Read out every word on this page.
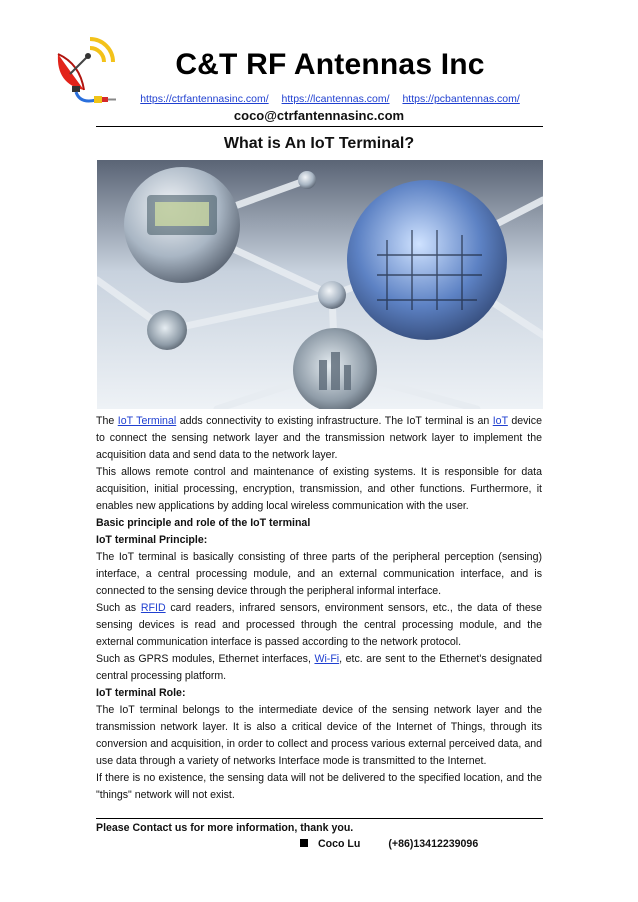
C&T RF Antennas Inc
https://ctrfantennasinc.com/ https://lcantennas.com/ https://pcbantennas.com/
coco@ctrfantennasinc.com
What is An IoT Terminal?

The IoT Terminal adds connectivity to existing infrastructure. The IoT terminal is an IoT device to connect the sensing network layer and the transmission network layer to implement the acquisition data and send data to the network layer.

This allows remote control and maintenance of existing systems. It is responsible for data acquisition, initial processing, encryption, transmission, and other functions. Furthermore, it enables new applications by adding local wireless communication with the user.

Basic principle and role of the IoT terminal

IoT terminal Principle:

The IoT terminal is basically consisting of three parts of the peripheral perception (sensing) interface, a central processing module, and an external communication interface, and is connected to the sensing device through the peripheral informal interface.

Such as RFID card readers, infrared sensors, environment sensors, etc., the data of these sensing devices is read and processed through the central processing module, and the external communication interface is passed according to the network protocol.

Such as GPRS modules, Ethernet interfaces, Wi-Fi, etc. are sent to the Ethernet's designated central processing platform.

IoT terminal Role:

The IoT terminal belongs to the intermediate device of the sensing network layer and the transmission network layer. It is also a critical device of the Internet of Things, through its conversion and acquisition, in order to collect and process various external perceived data, and use data through a variety of networks Interface mode is transmitted to the Internet.

If there is no existence, the sensing data will not be delivered to the specified location, and the "things" network will not exist.

Please Contact us for more information, thank you.
Coco Lu	(+86)13412239096
